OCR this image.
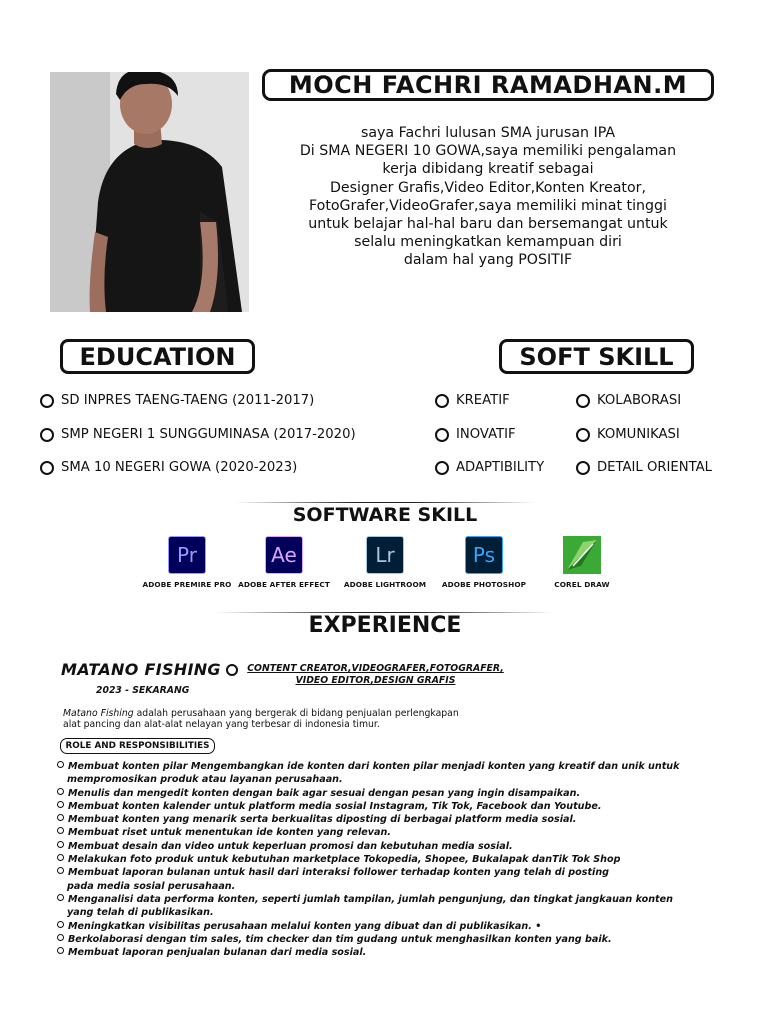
MOCH FACHRI RAMADHAN.M
saya Fachri lulusan SMA jurusan IPA
Di SMA NEGERI 10 GOWA,saya memiliki pengalaman
kerja dibidang kreatif sebagai
Designer Grafis,Video Editor,Konten Kreator,
FotoGrafer,VideoGrafer,saya memiliki minat tinggi
untuk belajar hal-hal baru dan bersemangat untuk
selalu meningkatkan kemampuan diri
dalam hal yang POSITIF
EDUCATION
SD INPRES TAENG-TAENG (2011-2017)
SMP NEGERI 1 SUNGGUMINASA (2017-2020)
SMA 10 NEGERI GOWA (2020-2023)
SOFT SKILL
KREATIF	KOLABORASI
INOVATIF	KOMUNIKASI
ADAPTIBILITY	DETAIL ORIENTAL
SOFTWARE SKILL
Pr
ADOBE PREMIRE PRO
Ae
ADOBE AFTER EFFECT
Lr
ADOBE LIGHTROOM
Ps
ADOBE PHOTOSHOP	COREL DRAW
EXPERIENCE
MATANO FISHING
2023 - SEKARANG
CONTENT CREATOR,VIDEOGRAFER,FOTOGRAFER,
VIDEO EDITOR,DESIGN GRAFIS
Matano Fishing adalah perusahaan yang bergerak di bidang penjualan perlengkapan
alat pancing dan alat-alat nelayan yang terbesar di indonesia timur.
ROLE AND RESPONSIBILITIES
Membuat konten pilar Mengembangkan ide konten dari konten pilar menjadi konten yang kreatif dan unik untuk
mempromosikan produk atau layanan perusahaan.
Menulis dan mengedit konten dengan baik agar sesuai dengan pesan yang ingin disampaikan.
Membuat konten kalender untuk platform media sosial Instagram, Tik Tok, Facebook dan Youtube.
Membuat konten yang menarik serta berkualitas diposting di berbagai platform media sosial.
Membuat riset untuk menentukan ide konten yang relevan.
Membuat desain dan video untuk keperluan promosi dan kebutuhan media sosial.
Melakukan foto produk untuk kebutuhan marketplace Tokopedia, Shopee, Bukalapak danTik Tok Shop
Membuat laporan bulanan untuk hasil dari interaksi follower terhadap konten yang telah di posting
pada media sosial perusahaan.
Menganalisi data performa konten, seperti jumlah tampilan, jumlah pengunjung, dan tingkat jangkauan konten
yang telah di publikasikan.
Meningkatkan visibilitas perusahaan melalui konten yang dibuat dan di publikasikan. •
Berkolaborasi dengan tim sales, tim checker dan tim gudang untuk menghasilkan konten yang baik.
Membuat laporan penjualan bulanan dari media sosial.
